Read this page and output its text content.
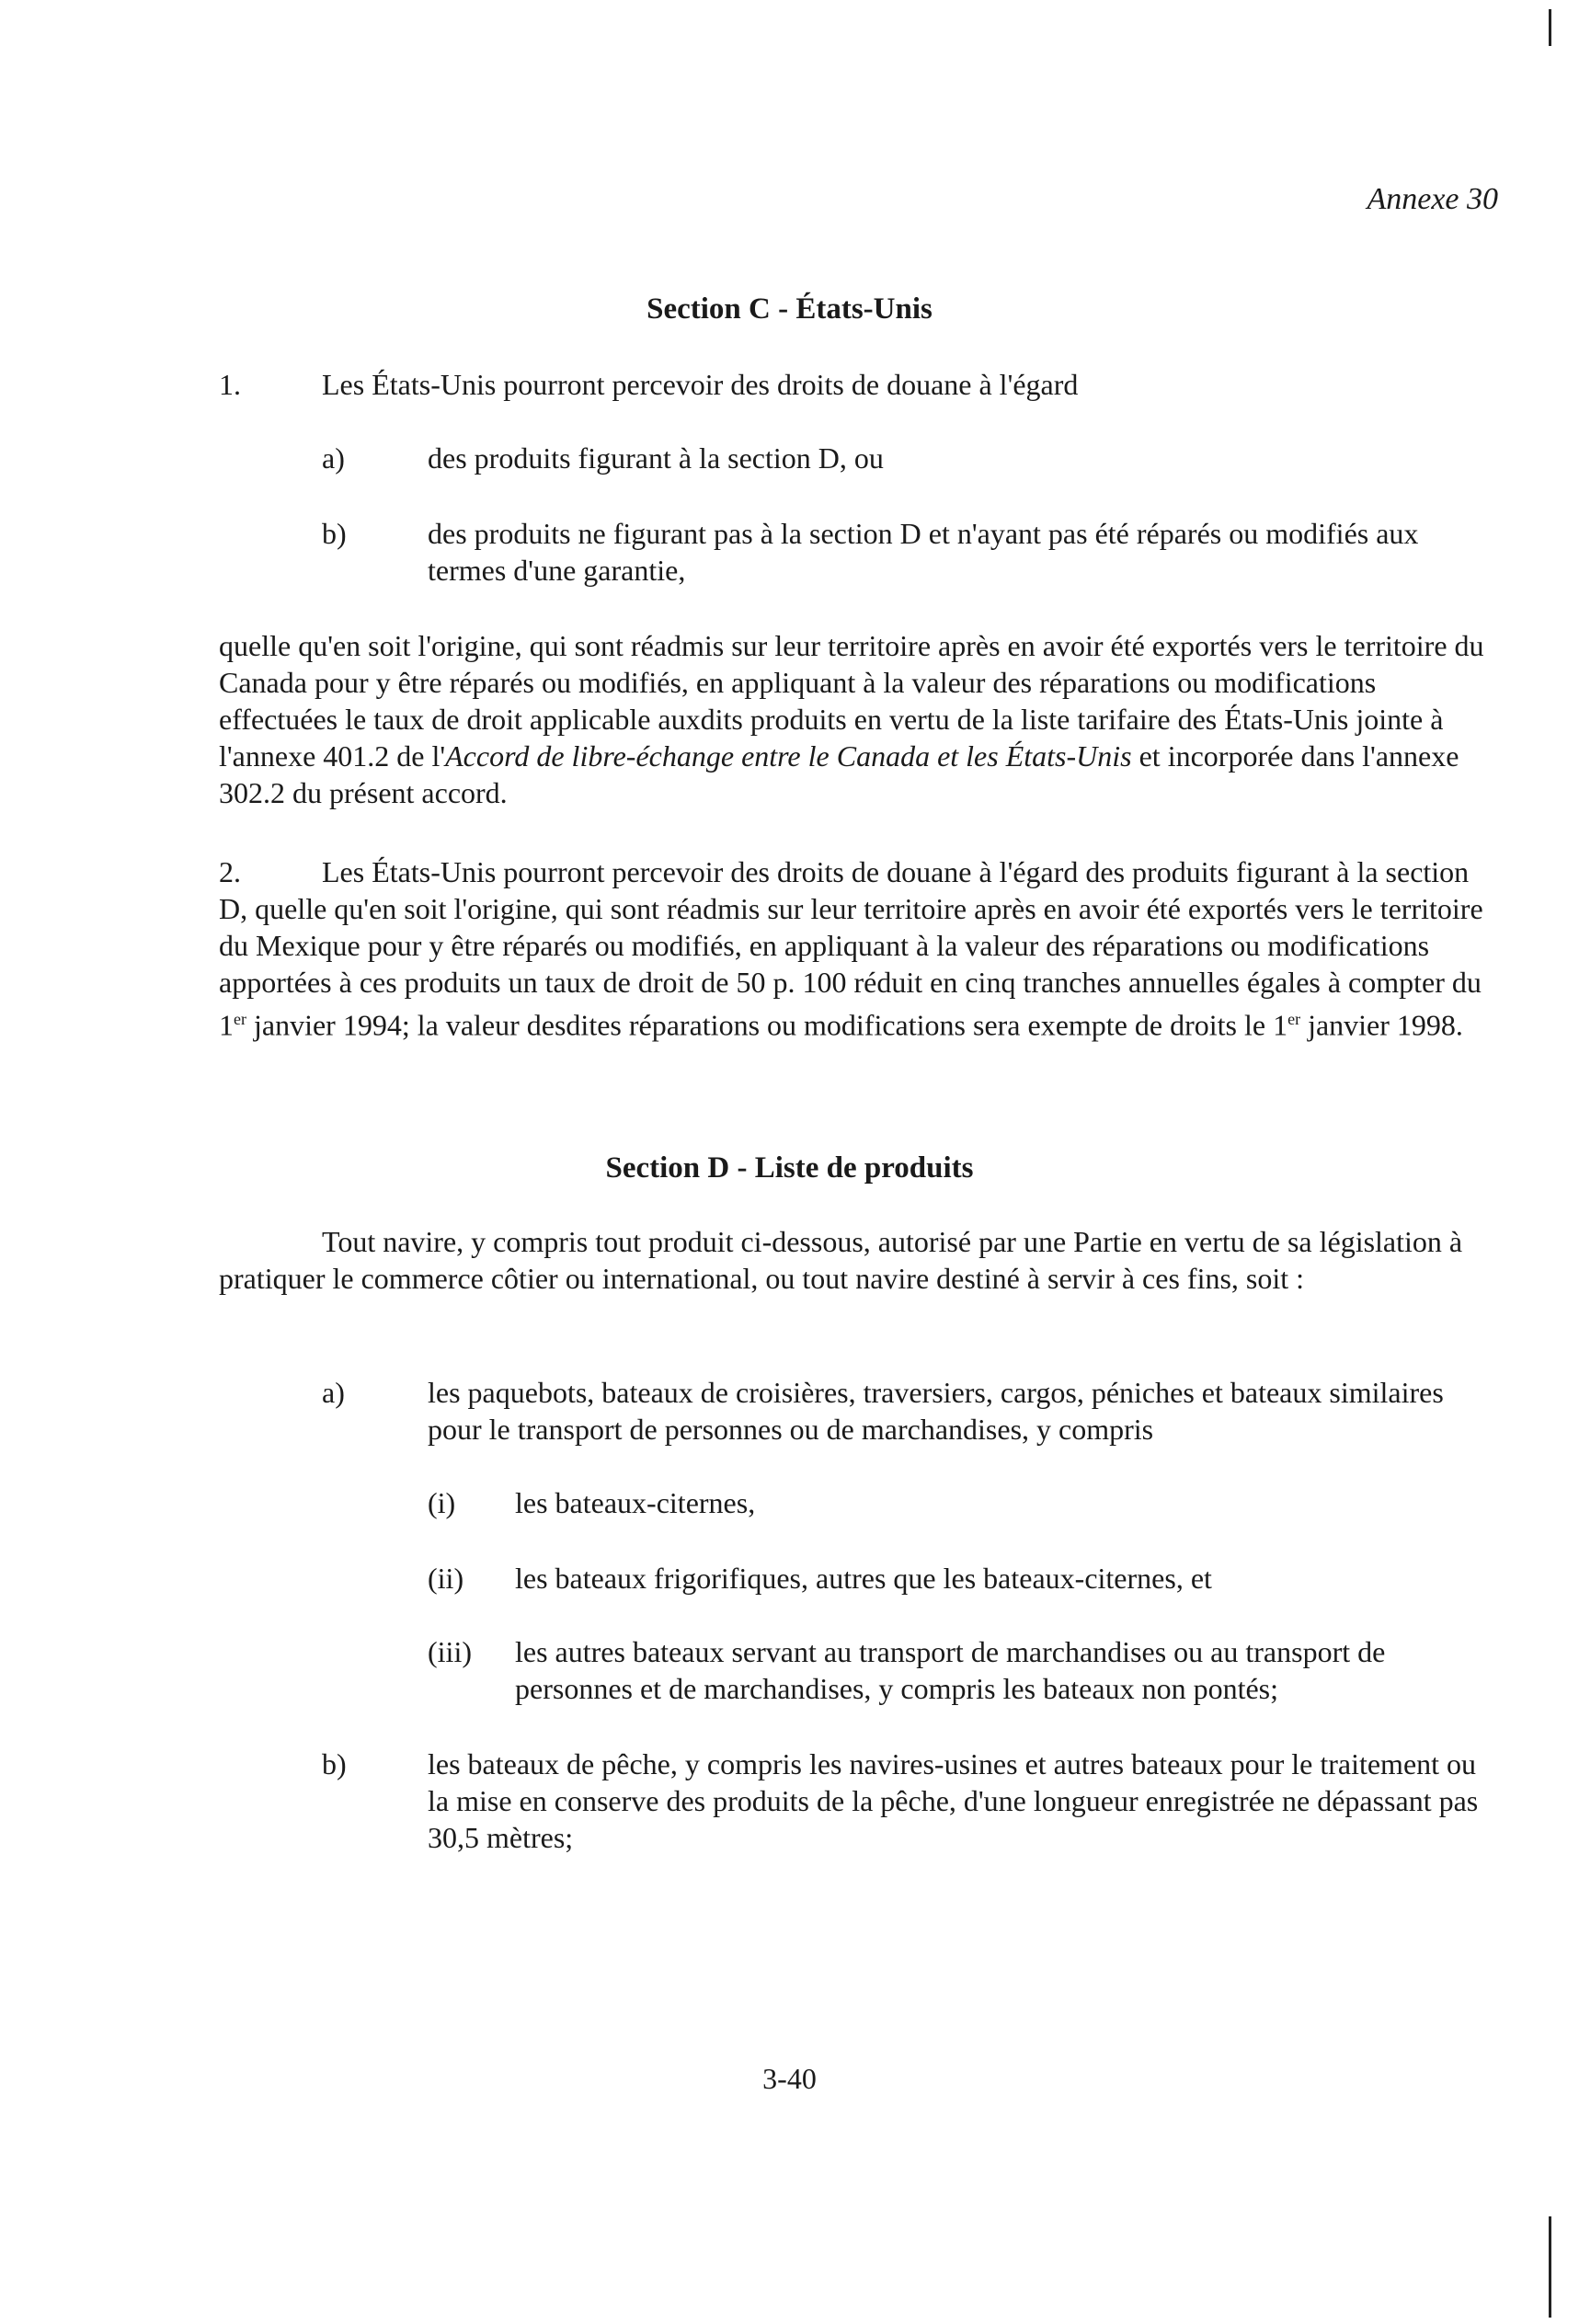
Annexe 30
Section C - États-Unis
1.	Les États-Unis pourront percevoir des droits de douane à l'égard
a)	des produits figurant à la section D, ou
b)	des produits ne figurant pas à la section D et n'ayant pas été réparés ou modifiés aux termes d'une garantie,
quelle qu'en soit l'origine, qui sont réadmis sur leur territoire après en avoir été exportés vers le territoire du Canada pour y être réparés ou modifiés, en appliquant à la valeur des réparations ou modifications effectuées le taux de droit applicable auxdits produits en vertu de la liste tarifaire des États-Unis jointe à l'annexe 401.2 de l'Accord de libre-échange entre le Canada et les États-Unis et incorporée dans l'annexe 302.2 du présent accord.
2.	Les États-Unis pourront percevoir des droits de douane à l'égard des produits figurant à la section D, quelle qu'en soit l'origine, qui sont réadmis sur leur territoire après en avoir été exportés vers le territoire du Mexique pour y être réparés ou modifiés, en appliquant à la valeur des réparations ou modifications apportées à ces produits un taux de droit de 50 p. 100 réduit en cinq tranches annuelles égales à compter du 1er janvier 1994; la valeur desdites réparations ou modifications sera exempte de droits le 1er janvier 1998.
Section D - Liste de produits
Tout navire, y compris tout produit ci-dessous, autorisé par une Partie en vertu de sa législation à pratiquer le commerce côtier ou international, ou tout navire destiné à servir à ces fins, soit :
a)	les paquebots, bateaux de croisières, traversiers, cargos, péniches et bateaux similaires pour le transport de personnes ou de marchandises, y compris
(i) les bateaux-citernes,
(ii) les bateaux frigorifiques, autres que les bateaux-citernes, et
(iii) les autres bateaux servant au transport de marchandises ou au transport de personnes et de marchandises, y compris les bateaux non pontés;
b)	les bateaux de pêche, y compris les navires-usines et autres bateaux pour le traitement ou la mise en conserve des produits de la pêche, d'une longueur enregistrée ne dépassant pas 30,5 mètres;
3-40
